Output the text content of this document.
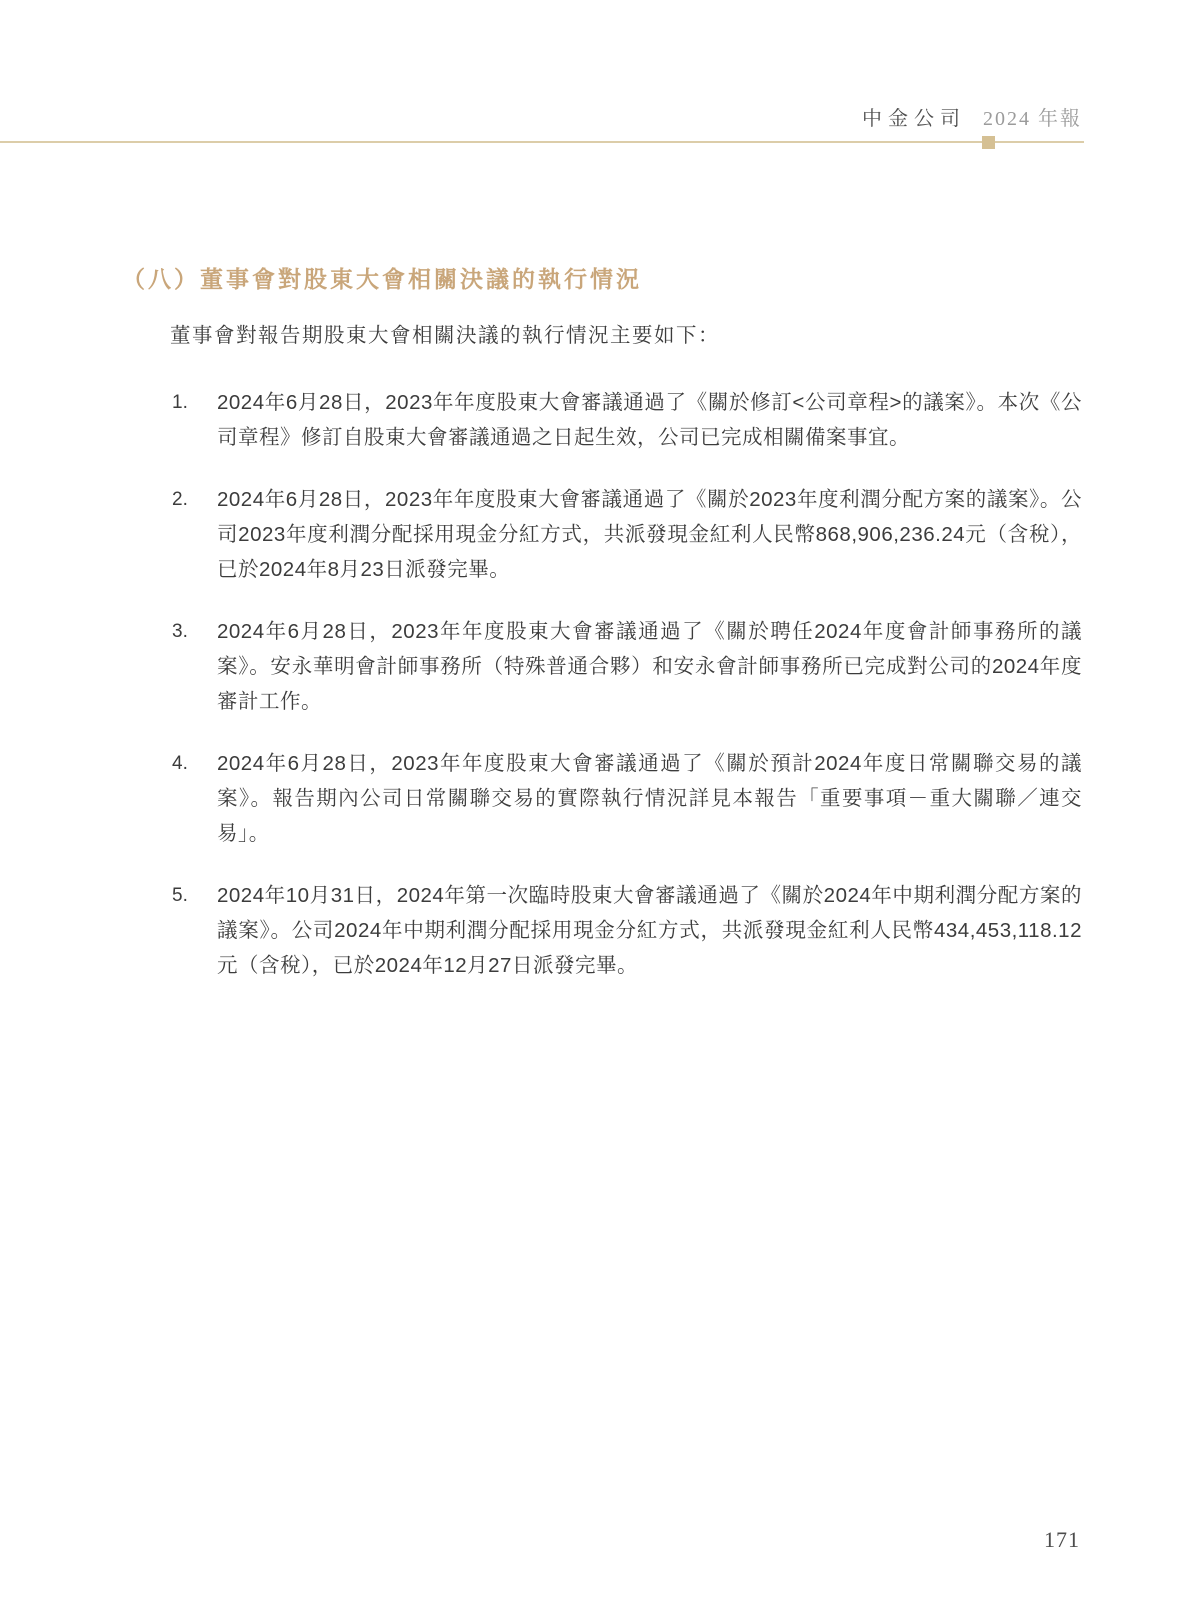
中金公司 2024 年報
（八）董事會對股東大會相關決議的執行情況

董事會對報告期股東大會相關決議的執行情況主要如下：

1.	2024年6月28日，2023年年度股東大會審議通過了《關於修訂<公司章程>的議案》。本次《公司章程》修訂自股東大會審議通過之日起生效，公司已完成相關備案事宜。

2.	2024年6月28日，2023年年度股東大會審議通過了《關於2023年度利潤分配方案的議案》。公司2023年度利潤分配採用現金分紅方式，共派發現金紅利人民幣868,906,236.24元（含稅），已於2024年8月23日派發完畢。

3.	2024年6月28日，2023年年度股東大會審議通過了《關於聘任2024年度會計師事務所的議案》。安永華明會計師事務所（特殊普通合夥）和安永會計師事務所已完成對公司的2024年度審計工作。

4.	2024年6月28日，2023年年度股東大會審議通過了《關於預計2024年度日常關聯交易的議案》。報告期內公司日常關聯交易的實際執行情況詳見本報告「重要事項－重大關聯／連交易」。

5.	2024年10月31日，2024年第一次臨時股東大會審議通過了《關於2024年中期利潤分配方案的議案》。公司2024年中期利潤分配採用現金分紅方式，共派發現金紅利人民幣434,453,118.12元（含稅），已於2024年12月27日派發完畢。

171
